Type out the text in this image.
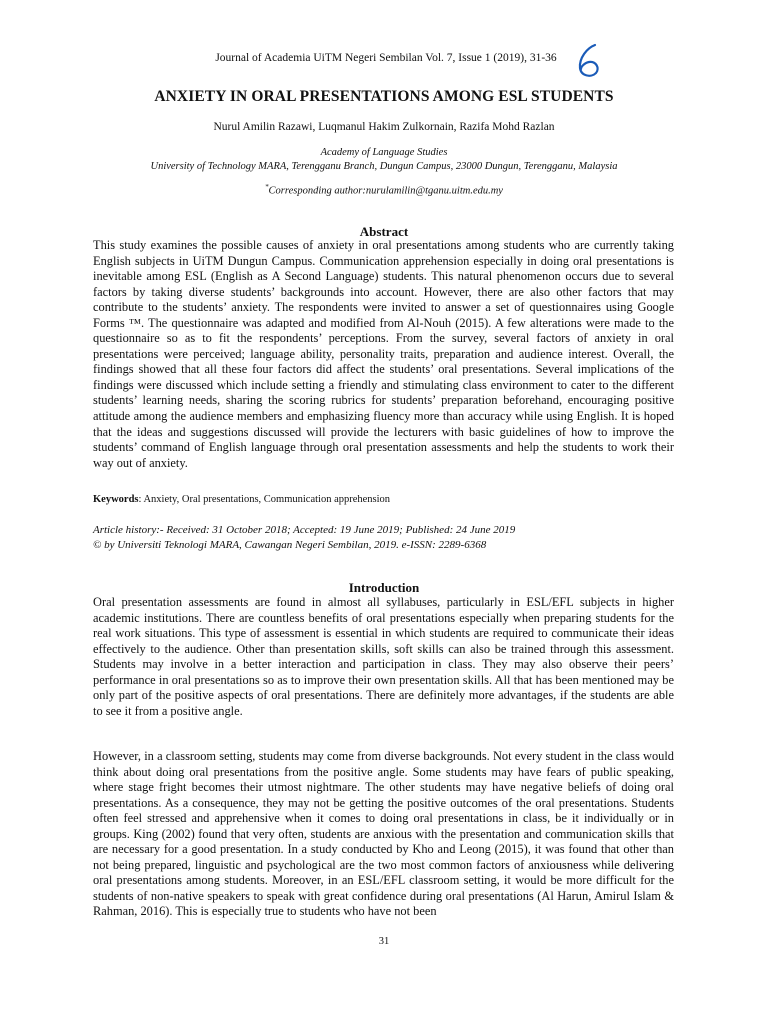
Journal of Academia UiTM Negeri Sembilan Vol. 7, Issue 1 (2019), 31-36
ANXIETY IN ORAL PRESENTATIONS AMONG ESL STUDENTS
Nurul Amilin Razawi, Luqmanul Hakim Zulkornain, Razifa Mohd Razlan
Academy of Language Studies
University of Technology MARA, Terengganu Branch, Dungun Campus, 23000 Dungun, Terengganu, Malaysia
*Corresponding author:nurulamilin@tganu.uitm.edu.my
Abstract

This study examines the possible causes of anxiety in oral presentations among students who are currently taking English subjects in UiTM Dungun Campus. Communication apprehension especially in doing oral presentations is inevitable among ESL (English as A Second Language) students. This natural phenomenon occurs due to several factors by taking diverse students’ backgrounds into account. However, there are also other factors that may contribute to the students’ anxiety. The respondents were invited to answer a set of questionnaires using Google Forms ™. The questionnaire was adapted and modified from Al-Nouh (2015). A few alterations were made to the questionnaire so as to fit the respondents’ perceptions. From the survey, several factors of anxiety in oral presentations were perceived; language ability, personality traits, preparation and audience interest. Overall, the findings showed that all these four factors did affect the students’ oral presentations. Several implications of the findings were discussed which include setting a friendly and stimulating class environment to cater to the different students’ learning needs, sharing the scoring rubrics for students’ preparation beforehand, encouraging positive attitude among the audience members and emphasizing fluency more than accuracy while using English. It is hoped that the ideas and suggestions discussed will provide the lecturers with basic guidelines of how to improve the students’ command of English language through oral presentation assessments and help the students to work their way out of anxiety.

Keywords: Anxiety, Oral presentations, Communication apprehension
Article history:- Received: 31 October 2018; Accepted: 19 June 2019; Published: 24 June 2019
© by Universiti Teknologi MARA, Cawangan Negeri Sembilan, 2019. e-ISSN: 2289-6368
Introduction

Oral presentation assessments are found in almost all syllabuses, particularly in ESL/EFL subjects in higher academic institutions. There are countless benefits of oral presentations especially when preparing students for the real work situations. This type of assessment is essential in which students are required to communicate their ideas effectively to the audience. Other than presentation skills, soft skills can also be trained through this assessment. Students may involve in a better interaction and participation in class. They may also observe their peers’ performance in oral presentations so as to improve their own presentation skills. All that has been mentioned may be only part of the positive aspects of oral presentations. There are definitely more advantages, if the students are able to see it from a positive angle.

However, in a classroom setting, students may come from diverse backgrounds. Not every student in the class would think about doing oral presentations from the positive angle. Some students may have fears of public speaking, where stage fright becomes their utmost nightmare. The other students may have negative beliefs of doing oral presentations. As a consequence, they may not be getting the positive outcomes of the oral presentations. Students often feel stressed and apprehensive when it comes to doing oral presentations in class, be it individually or in groups. King (2002) found that very often, students are anxious with the presentation and communication skills that are necessary for a good presentation. In a study conducted by Kho and Leong (2015), it was found that other than not being prepared, linguistic and psychological are the two most common factors of anxiousness while delivering oral presentations among students. Moreover, in an ESL/EFL classroom setting, it would be more difficult for the students of non-native speakers to speak with great confidence during oral presentations (Al Harun, Amirul Islam & Rahman, 2016). This is especially true to students who have not been

31
